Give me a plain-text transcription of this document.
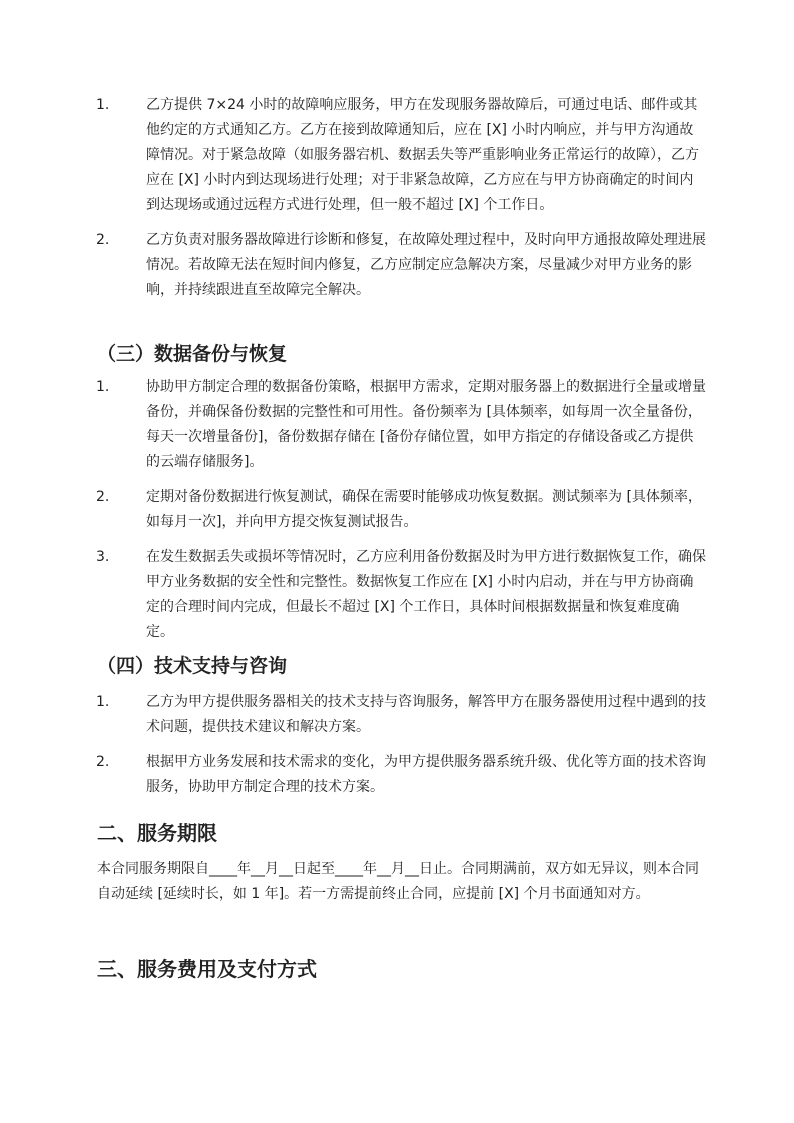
1.	乙方提供 7×24 小时的故障响应服务，甲方在发现服务器故障后，可通过电话、邮件或其他约定的方式通知乙方。乙方在接到故障通知后，应在 [X] 小时内响应，并与甲方沟通故障情况。对于紧急故障（如服务器宕机、数据丢失等严重影响业务正常运行的故障），乙方应在 [X] 小时内到达现场进行处理；对于非紧急故障，乙方应在与甲方协商确定的时间内到达现场或通过远程方式进行处理，但一般不超过 [X] 个工作日。
2.	乙方负责对服务器故障进行诊断和修复，在故障处理过程中，及时向甲方通报故障处理进展情况。若故障无法在短时间内修复，乙方应制定应急解决方案，尽量减少对甲方业务的影响，并持续跟进直至故障完全解决。
（三）数据备份与恢复
1.	协助甲方制定合理的数据备份策略，根据甲方需求，定期对服务器上的数据进行全量或增量备份，并确保备份数据的完整性和可用性。备份频率为 [具体频率，如每周一次全量备份，每天一次增量备份]，备份数据存储在 [备份存储位置，如甲方指定的存储设备或乙方提供的云端存储服务]。
2.	定期对备份数据进行恢复测试，确保在需要时能够成功恢复数据。测试频率为 [具体频率，如每月一次]，并向甲方提交恢复测试报告。
3.	在发生数据丢失或损坏等情况时，乙方应利用备份数据及时为甲方进行数据恢复工作，确保甲方业务数据的安全性和完整性。数据恢复工作应在 [X] 小时内启动，并在与甲方协商确定的合理时间内完成，但最长不超过 [X] 个工作日，具体时间根据数据量和恢复难度确定。
（四）技术支持与咨询
1.	乙方为甲方提供服务器相关的技术支持与咨询服务，解答甲方在服务器使用过程中遇到的技术问题，提供技术建议和解决方案。
2.	根据甲方业务发展和技术需求的变化，为甲方提供服务器系统升级、优化等方面的技术咨询服务，协助甲方制定合理的技术方案。
二、服务期限
本合同服务期限自____年__月__日起至____年__月__日止。合同期满前，双方如无异议，则本合同自动延续 [延续时长，如 1 年]。若一方需提前终止合同，应提前 [X] 个月书面通知对方。
三、服务费用及支付方式
